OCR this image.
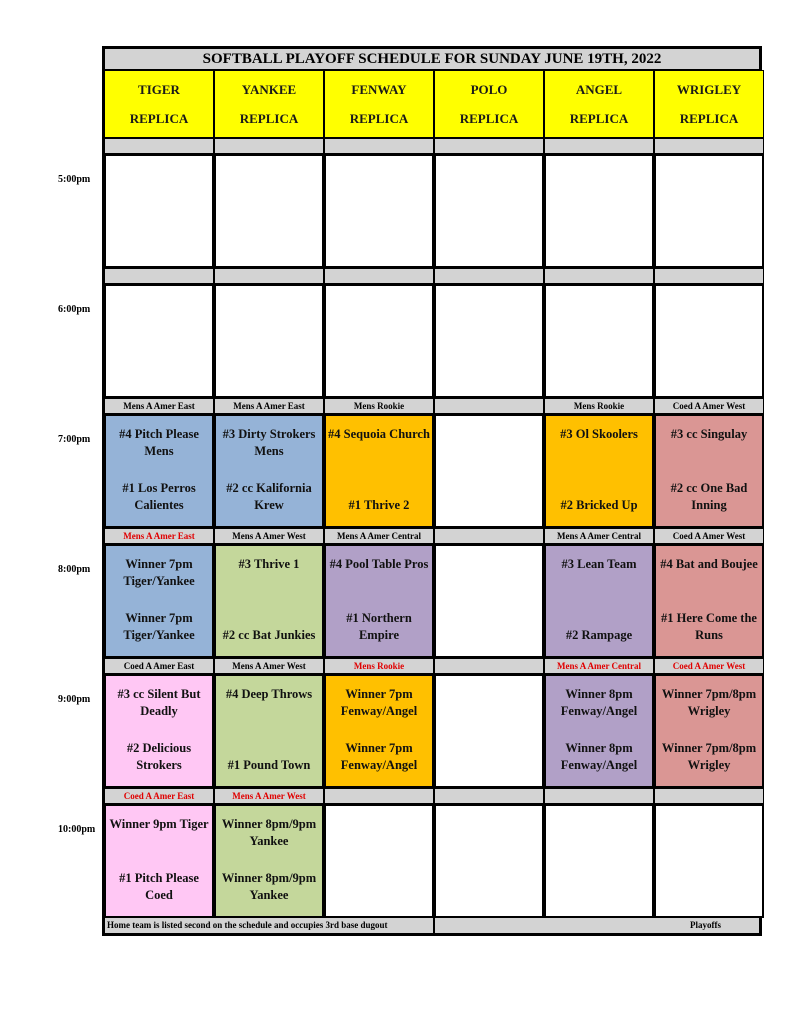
SOFTBALL PLAYOFF SCHEDULE FOR SUNDAY JUNE 19TH, 2022
Home team is listed second on the schedule and occupies 3rd base dugout	Playoffs
TIGER
REPLICA
YANKEE
REPLICA
FENWAY
REPLICA
POLO
REPLICA
ANGEL
REPLICA
WRIGLEY
REPLICA
Mens A Amer East
#4 Pitch Please Mens
#1 Los Perros Calientes
Mens A Amer East
#3 Dirty Strokers Mens
#2 cc Kalifornia Krew
Mens Rookie
#4 Sequoia Church
#1 Thrive 2
Mens Rookie
#3 Ol Skoolers
#2 Bricked Up
Coed A Amer West
#3 cc Singulay
#2 cc One Bad Inning
Mens A Amer East
Winner 7pm Tiger/Yankee
Winner 7pm Tiger/Yankee
Mens A Amer West
#3 Thrive 1
#2 cc Bat Junkies
Mens A Amer Central
#4 Pool Table Pros
#1 Northern Empire
Mens A Amer Central
#3 Lean Team
#2 Rampage
Coed A Amer West
#4 Bat and Boujee
#1 Here Come the Runs
Coed A Amer East
#3 cc Silent But Deadly
#2 Delicious Strokers
Mens A Amer West
#4 Deep Throws
#1 Pound Town
Mens Rookie
Winner 7pm Fenway/Angel
Winner 7pm Fenway/Angel
Mens A Amer Central
Winner 8pm Fenway/Angel
Winner 8pm Fenway/Angel
Coed A Amer West
Winner 7pm/8pm Wrigley
Winner 7pm/8pm Wrigley
Coed A Amer East
Winner 9pm Tiger
#1 Pitch Please Coed
Mens A Amer West
Winner 8pm/9pm Yankee
Winner 8pm/9pm Yankee
5:00pm
6:00pm
7:00pm
8:00pm
9:00pm
10:00pm
